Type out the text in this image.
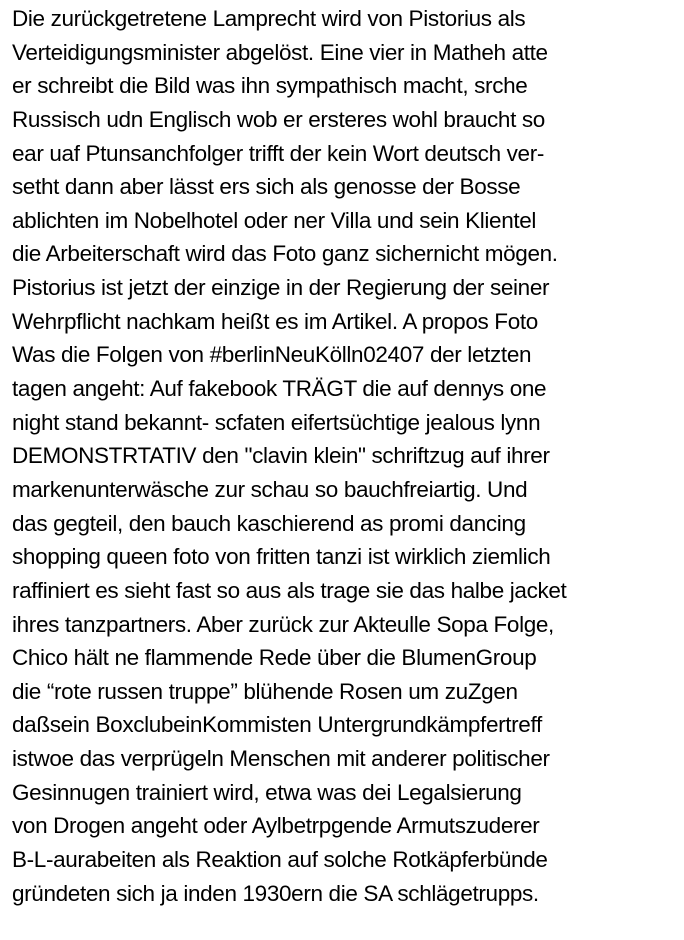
Die zurückgetretene Lamprecht wird von Pistorius als
Verteidigungsminister abgelöst. Eine vier in Matheh atte
er schreibt die Bild was ihn sympathisch macht, srche
Russisch udn Englisch wob er ersteres wohl braucht so
ear uaf Ptunsanchfolger trifft der kein Wort deutsch ver-
setht dann aber lässt ers sich als genosse der Bosse
ablichten im Nobelhotel oder ner Villa und sein Klientel
die Arbeiterschaft wird das Foto ganz sichernicht mögen.
Pistorius ist jetzt der einzige in der Regierung der seiner
Wehrpflicht nachkam heißt es im Artikel. A propos Foto
Was die Folgen von #berlinNeuKölln02407 der letzten
tagen angeht: Auf fakebook TRÄGT die auf dennys one
night stand bekannt- scfaten eifertsüchtige jealous lynn
DEMONSTRTATIV den "clavin klein" schriftzug auf ihrer
markenunterwäsche zur schau so bauchfreiartig. Und
das gegteil, den bauch kaschierend as promi dancing
shopping queen foto von fritten tanzi ist wirklich ziemlich
raffiniert es sieht fast so aus als trage sie das halbe jacket
ihres tanzpartners. Aber zurück zur Akteulle Sopa Folge,
Chico hält ne flammende Rede über die BlumenGroup
die “rote russen truppe” blühende Rosen um zuZgen
daßsein BoxclubeinKommisten Untergrundkämpfertreff
istwoe das verprügeln Menschen mit anderer politischer
Gesinnugen trainiert wird, etwa was dei Legalsierung
von Drogen angeht oder Aylbetrpgende Armutszuderer
B-L-aurabeiten als Reaktion auf solche Rotkäpferbünde
gründeten sich ja inden 1930ern die SA schlägetrupps.
